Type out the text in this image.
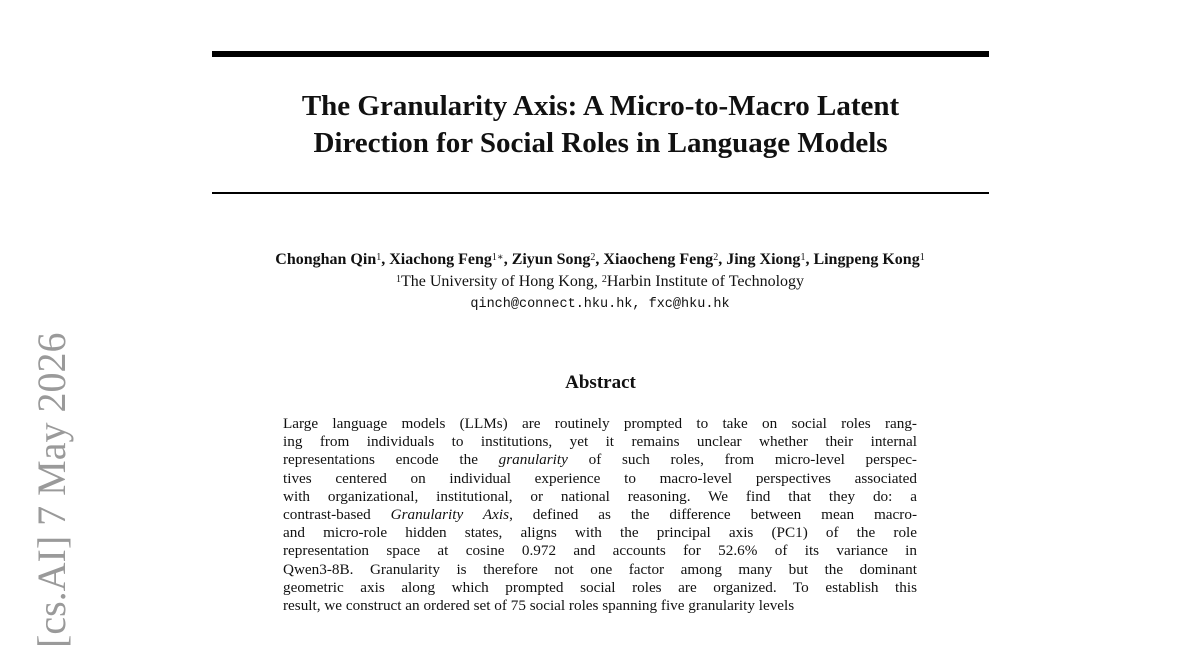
The Granularity Axis: A Micro-to-Macro Latent
Direction for Social Roles in Language Models
Chonghan Qin$^1$, Xiachong Feng$^{1∗}$, Ziyun Song$^2$, Xiaocheng Feng$^2$, Jing Xiong$^1$, Lingpeng Kong$^1$
$^1$The University of Hong Kong, $^2$Harbin Institute of Technology
qinch@connect.hku.hk, fxc@hku.hk
Abstract
Large language models (LLMs) are routinely prompted to take on social roles rang-
ing from individuals to institutions, yet it remains unclear whether their internal
representations encode the granularity of such roles, from micro-level perspec-
tives centered on individual experience to macro-level perspectives associated
with organizational, institutional, or national reasoning. We find that they do: a
contrast-based Granularity Axis, defined as the difference between mean macro-
and micro-role hidden states, aligns with the principal axis (PC1) of the role
representation space at cosine 0.972 and accounts for 52.6% of its variance in
Qwen3-8B. Granularity is therefore not one factor among many but the dominant
geometric axis along which prompted social roles are organized. To establish this
result, we construct an ordered set of 75 social roles spanning five granularity levels
[cs.AI] 7 May 2026
